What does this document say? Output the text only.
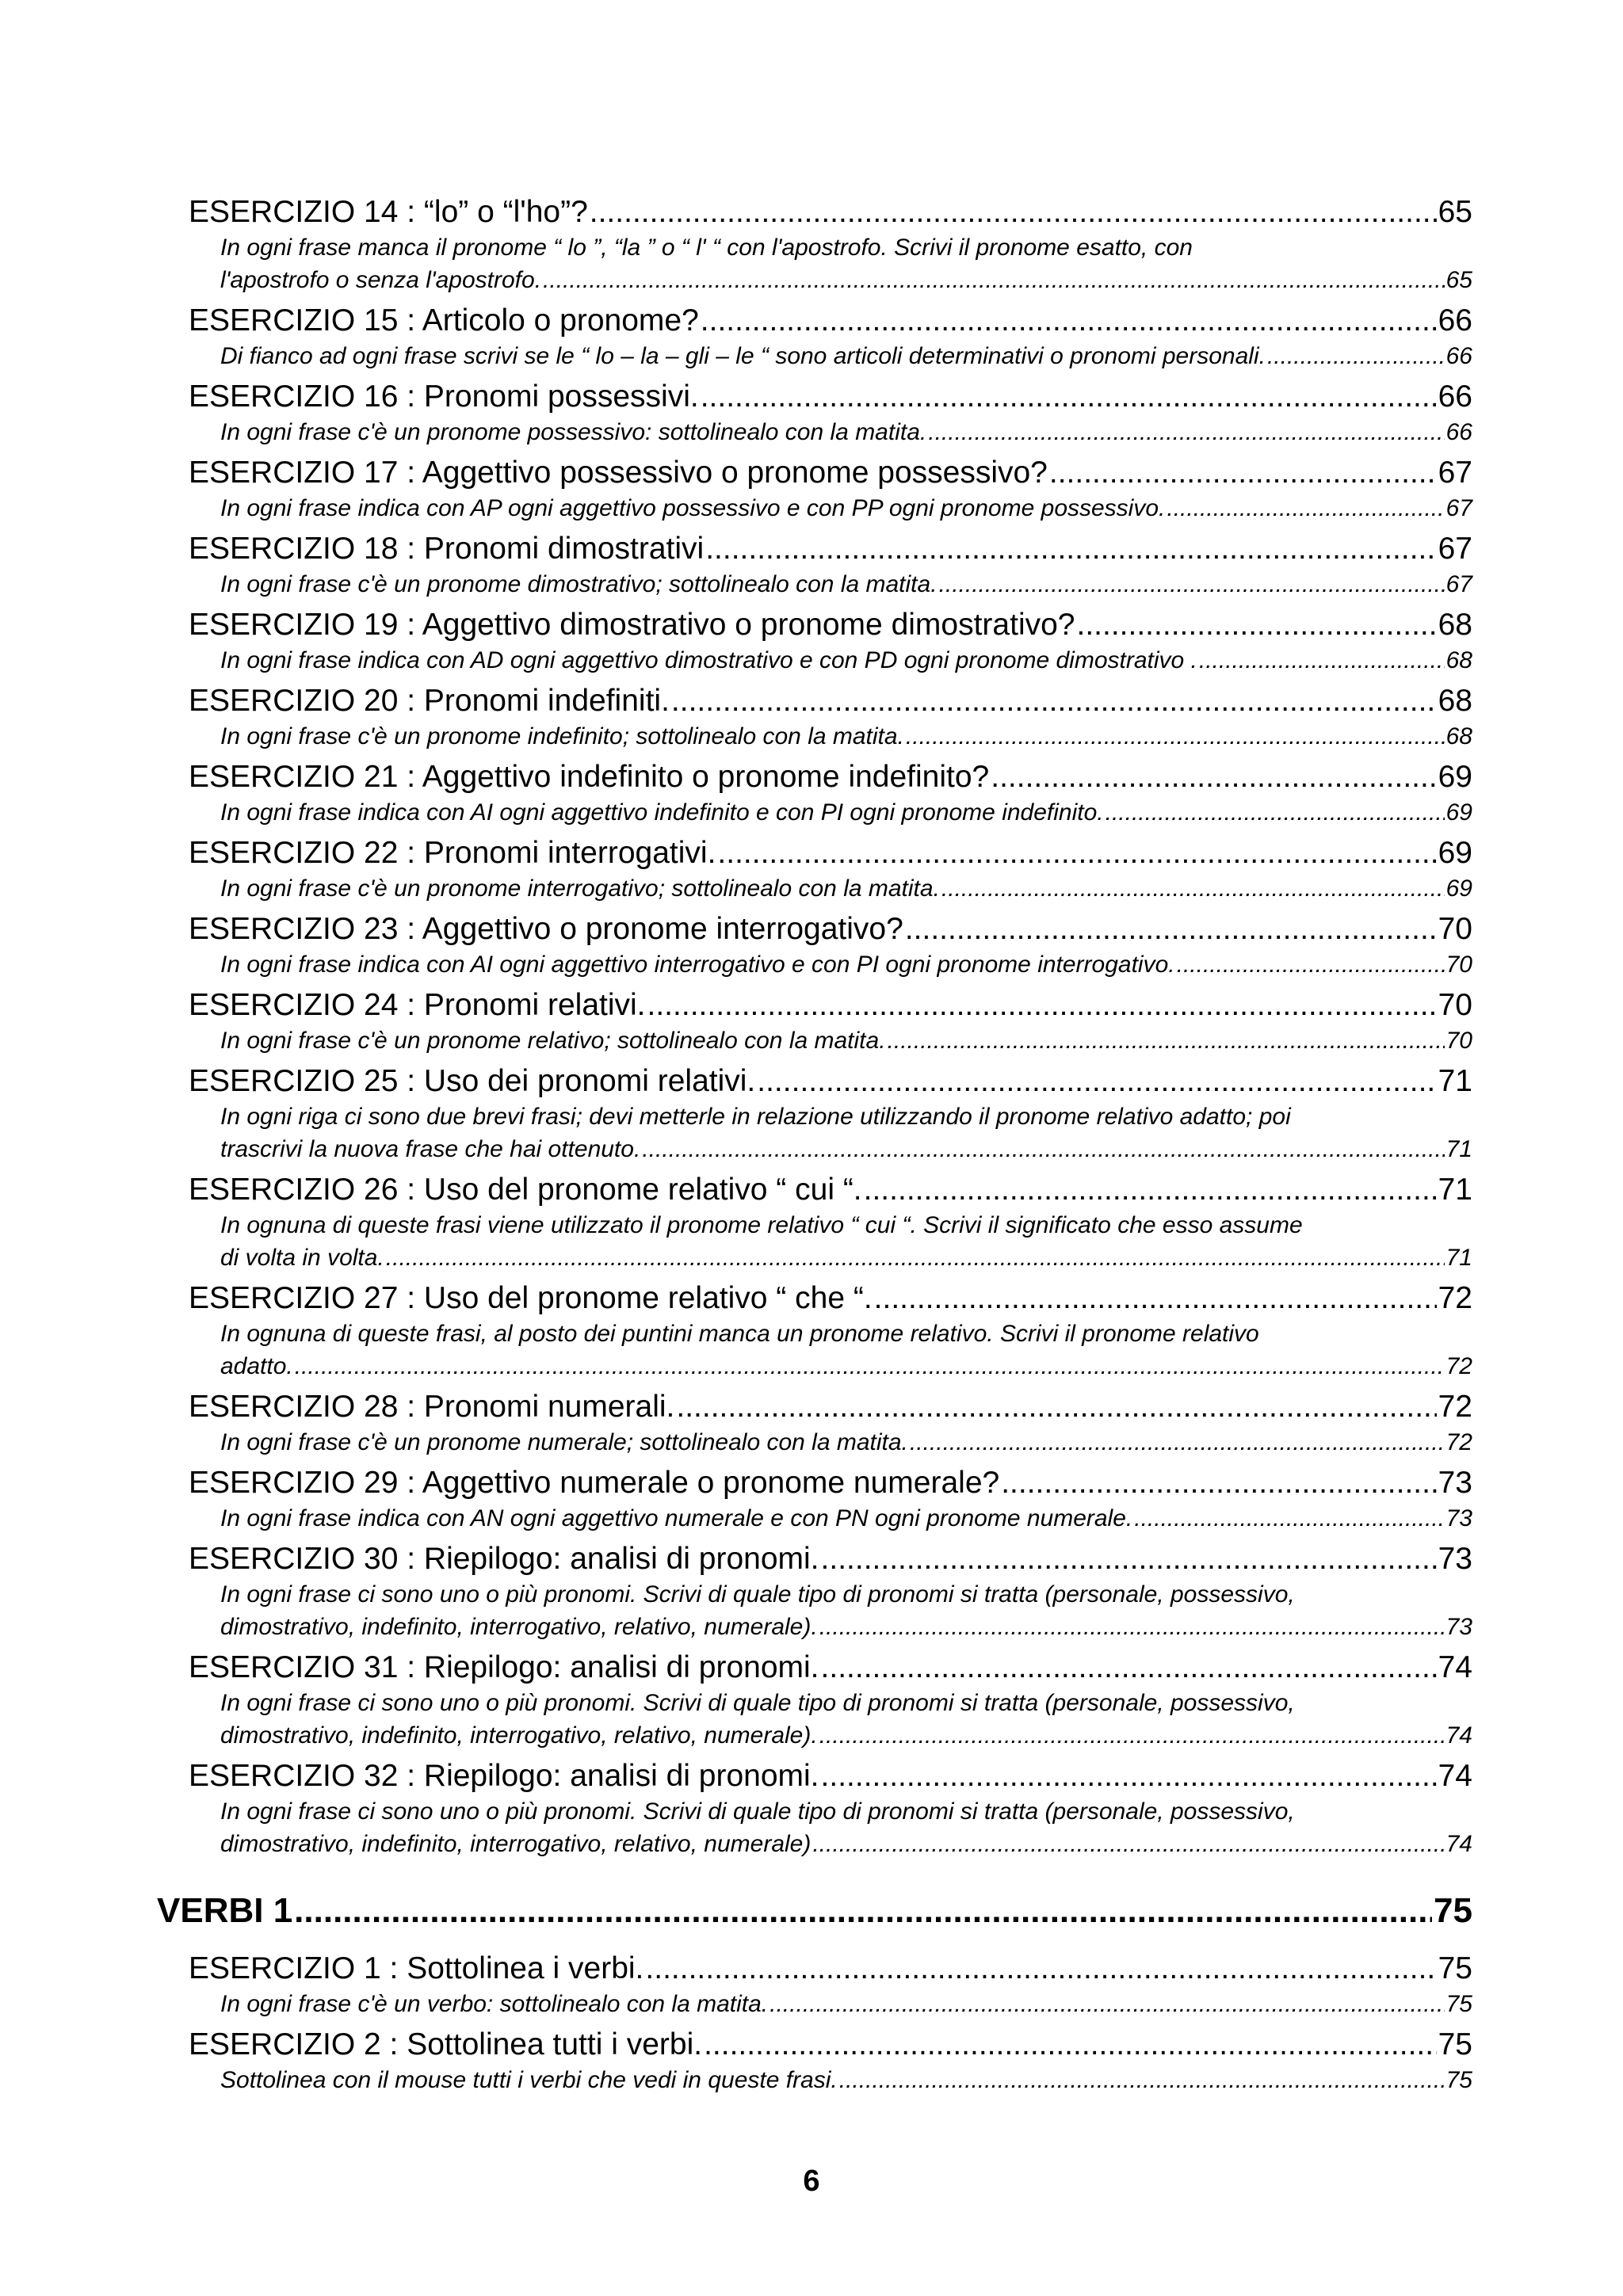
ESERCIZIO 14 : “lo” o “l'ho”? .....	65
In ogni frase manca il pronome “ lo ”, “la ” o “ l' “ con l'apostrofo. Scrivi il pronome esatto, con
l'apostrofo o senza l'apostrofo. .....	65
ESERCIZIO 15 : Articolo o pronome? .....	66
Di fianco ad ogni frase scrivi se le “ lo – la – gli – le “ sono articoli determinativi o pronomi personali. .....	66
ESERCIZIO 16 : Pronomi possessivi. .....	66
In ogni frase c'è un pronome possessivo: sottolinealo con la matita. .....	66
ESERCIZIO 17 : Aggettivo possessivo o pronome possessivo? .....	67
In ogni frase indica con AP ogni aggettivo possessivo e con PP ogni pronome possessivo. .....	67
ESERCIZIO 18 : Pronomi dimostrativi .....	67
In ogni frase c'è un pronome dimostrativo; sottolinealo con la matita. .....	67
ESERCIZIO 19 : Aggettivo dimostrativo o pronome dimostrativo? .....	68
In ogni frase indica con AD ogni aggettivo dimostrativo e con PD ogni pronome dimostrativo . .....	68
ESERCIZIO 20 : Pronomi indefiniti. .....	68
In ogni frase c'è un pronome indefinito; sottolinealo con la matita. .....	68
ESERCIZIO 21 : Aggettivo indefinito o pronome indefinito? .....	69
In ogni frase indica con AI ogni aggettivo indefinito e con PI ogni pronome indefinito. .....	69
ESERCIZIO 22 : Pronomi interrogativi. .....	69
In ogni frase c'è un pronome interrogativo; sottolinealo con la matita. .....	69
ESERCIZIO 23 : Aggettivo o pronome interrogativo? .....	70
In ogni frase indica con AI ogni aggettivo interrogativo e con PI ogni pronome interrogativo. .....	70
ESERCIZIO 24 : Pronomi relativi. .....	70
In ogni frase c'è un pronome relativo; sottolinealo con la matita. .....	70
ESERCIZIO 25 : Uso dei pronomi relativi. .....	71
In ogni riga ci sono due brevi frasi; devi metterle in relazione utilizzando il pronome relativo adatto; poi
trascrivi la nuova frase che hai ottenuto. .....	71
ESERCIZIO 26 : Uso del pronome relativo “ cui “. .....	71
In ognuna di queste frasi viene utilizzato il pronome relativo “ cui “. Scrivi il significato che esso assume
di volta in volta. .....	71
ESERCIZIO 27 : Uso del pronome relativo “ che “. .....	72
In ognuna di queste frasi, al posto dei puntini manca un pronome relativo. Scrivi il pronome relativo
adatto. .....	72
ESERCIZIO 28 : Pronomi numerali. .....	72
In ogni frase c'è un pronome numerale; sottolinealo con la matita. .....	72
ESERCIZIO 29 : Aggettivo numerale o pronome numerale? .....	73
In ogni frase indica con AN ogni aggettivo numerale e con PN ogni pronome numerale. .....	73
ESERCIZIO 30 : Riepilogo: analisi di pronomi. .....	73
In ogni frase ci sono uno o più pronomi. Scrivi di quale tipo di pronomi si tratta (personale, possessivo,
dimostrativo, indefinito, interrogativo, relativo, numerale). .....	73
ESERCIZIO 31 : Riepilogo: analisi di pronomi. .....	74
In ogni frase ci sono uno o più pronomi. Scrivi di quale tipo di pronomi si tratta (personale, possessivo,
dimostrativo, indefinito, interrogativo, relativo, numerale). .....	74
ESERCIZIO 32 : Riepilogo: analisi di pronomi. .....	74
In ogni frase ci sono uno o più pronomi. Scrivi di quale tipo di pronomi si tratta (personale, possessivo,
dimostrativo, indefinito, interrogativo, relativo, numerale) .....	74
VERBI 1 .....	75
ESERCIZIO 1 : Sottolinea i verbi. .....	75
In ogni frase c'è un verbo: sottolinealo con la matita. .....	75
ESERCIZIO 2 : Sottolinea tutti i verbi. .....	75
Sottolinea con il mouse tutti i verbi che vedi in queste frasi. .....	75
6
